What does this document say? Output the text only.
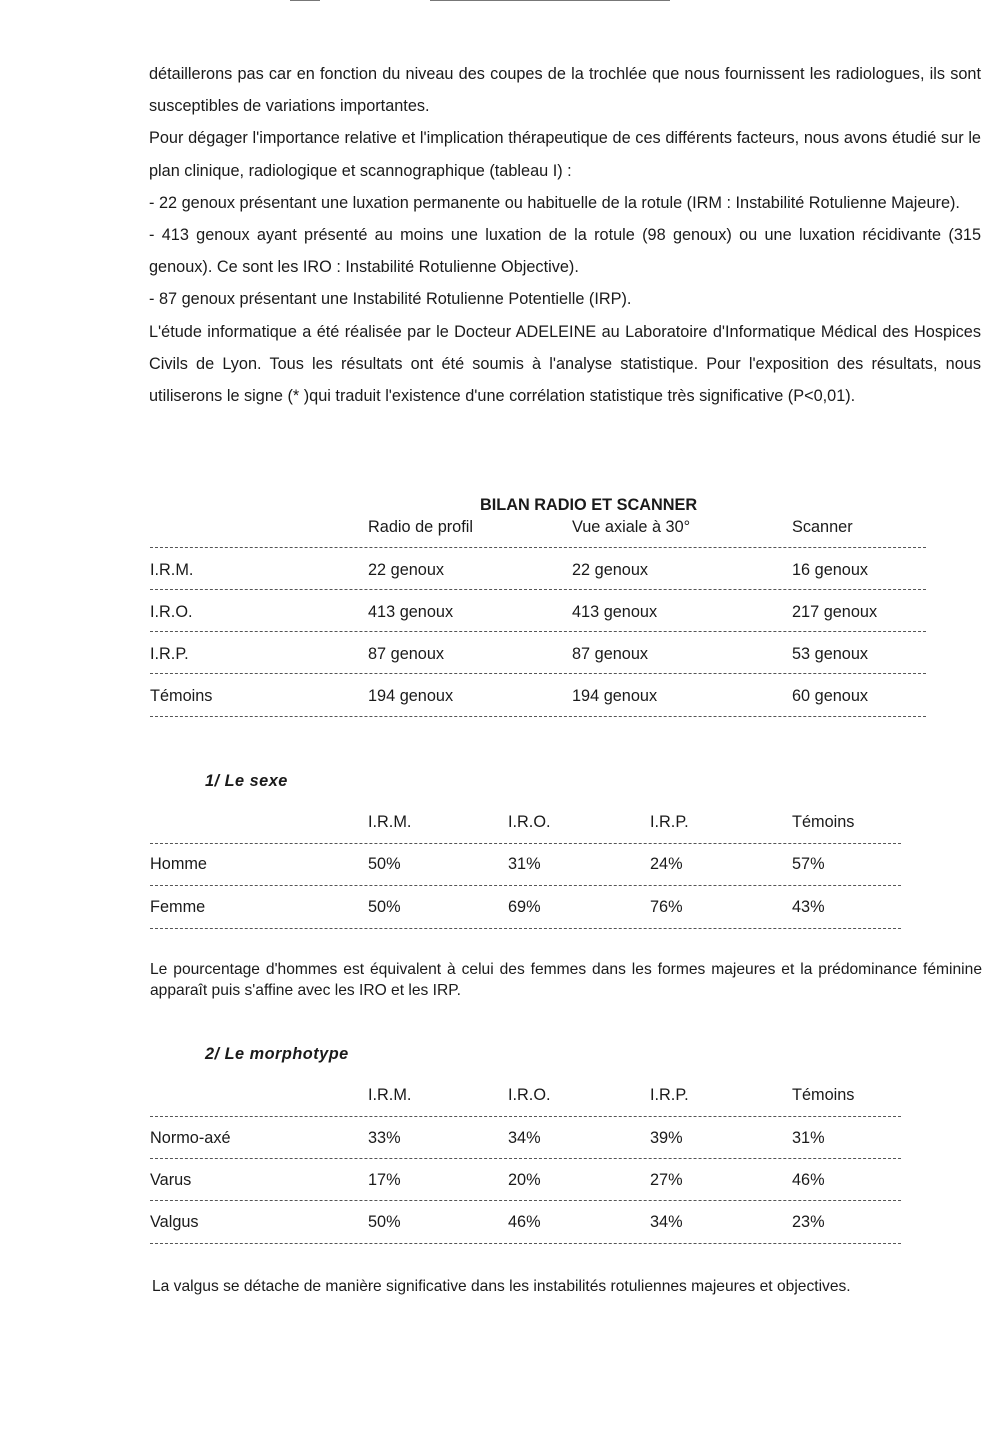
détaillerons pas car en fonction du niveau des coupes de la trochlée que nous fournissent les radiologues, ils sont susceptibles de variations importantes.

Pour dégager l'importance relative et l'implication thérapeutique de ces différents facteurs, nous avons étudié sur le plan clinique, radiologique et scannographique (tableau I) :

- 22 genoux présentant une luxation permanente ou habituelle de la rotule (IRM : Instabilité Rotulienne Majeure).

- 413 genoux ayant présenté au moins une luxation de la rotule (98 genoux) ou une luxation récidivante (315 genoux). Ce sont les IRO : Instabilité Rotulienne Objective).

- 87 genoux présentant une Instabilité Rotulienne Potentielle (IRP).

L'étude informatique a été réalisée par le Docteur ADELEINE au Laboratoire d'Informatique Médical des Hospices Civils de Lyon. Tous les résultats ont été soumis à l'analyse statistique. Pour l'exposition des résultats, nous utiliserons le signe (* )qui traduit l'existence d'une corrélation statistique très significative (P<0,01).

BILAN RADIO ET SCANNER
Radio de profil	Vue axiale à 30°	Scanner
I.R.M.	22 genoux	22 genoux	16 genoux
I.R.O.	413 genoux	413 genoux	217 genoux
I.R.P.	87 genoux	87 genoux	53 genoux
Témoins	194 genoux	194 genoux	60 genoux
1/ Le sexe
I.R.M.	I.R.O.	I.R.P.	Témoins
Homme	50%	31%	24%	57%
Femme	50%	69%	76%	43%

Le pourcentage d'hommes est équivalent à celui des femmes dans les formes majeures et la prédominance féminine apparaît puis s'affine avec les IRO et les IRP.

2/ Le morphotype
I.R.M.	I.R.O.	I.R.P.	Témoins
Normo-axé	33%	34%	39%	31%
Varus	17%	20%	27%	46%
Valgus	50%	46%	34%	23%

La valgus se détache de manière significative dans les instabilités rotuliennes majeures et objectives.
